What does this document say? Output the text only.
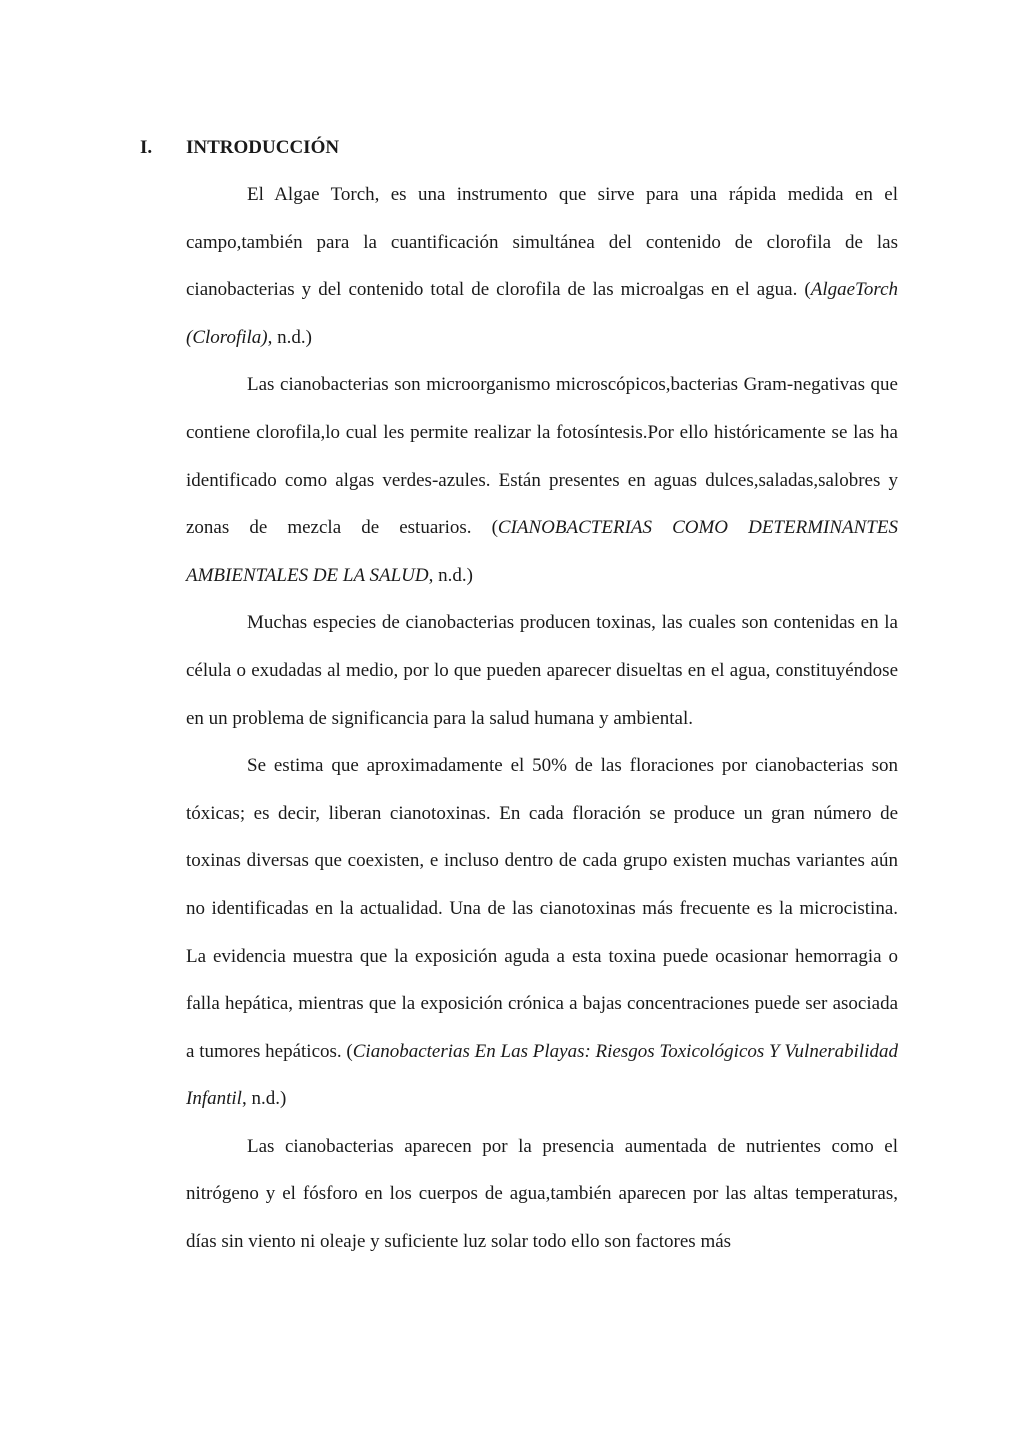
I. INTRODUCCIÓN

El Algae Torch, es una instrumento que sirve para una rápida medida en el campo,también para la cuantificación simultánea del contenido de clorofila de las cianobacterias y del contenido total de clorofila de las microalgas en el agua. (AlgaeTorch (Clorofila), n.d.)

Las cianobacterias son microorganismo microscópicos,bacterias Gram-negativas que contiene clorofila,lo cual les permite realizar la fotosíntesis.Por ello históricamente se las ha identificado como algas verdes-azules. Están presentes en aguas dulces,saladas,salobres y zonas de mezcla de estuarios. (CIANOBACTERIAS COMO DETERMINANTES AMBIENTALES DE LA SALUD, n.d.)

Muchas especies de cianobacterias producen toxinas, las cuales son contenidas en la célula o exudadas al medio, por lo que pueden aparecer disueltas en el agua, constituyéndose en un problema de significancia para la salud humana y ambiental.

Se estima que aproximadamente el 50% de las floraciones por cianobacterias son tóxicas; es decir, liberan cianotoxinas. En cada floración se produce un gran número de toxinas diversas que coexisten, e incluso dentro de cada grupo existen muchas variantes aún no identificadas en la actualidad. Una de las cianotoxinas más frecuente es la microcistina. La evidencia muestra que la exposición aguda a esta toxina puede ocasionar hemorragia o falla hepática, mientras que la exposición crónica a bajas concentraciones puede ser asociada a tumores hepáticos. (Cianobacterias En Las Playas: Riesgos Toxicológicos Y Vulnerabilidad Infantil, n.d.)

Las cianobacterias aparecen por la presencia aumentada de nutrientes como el nitrógeno y el fósforo en los cuerpos de agua,también aparecen por las altas temperaturas, días sin viento ni oleaje y suficiente luz solar todo ello son factores más
